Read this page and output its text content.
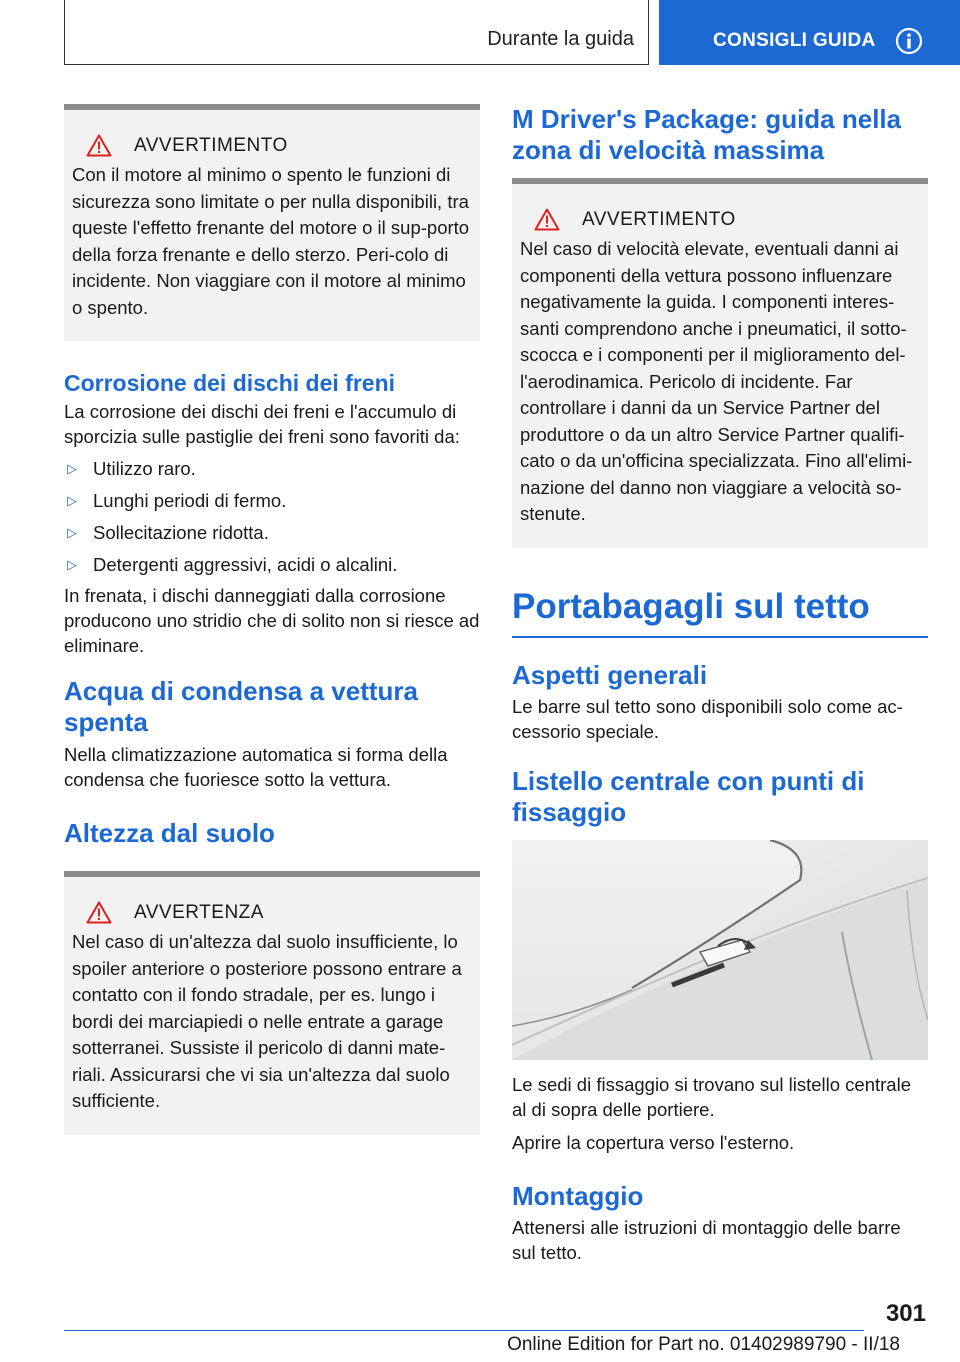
Durante la guida	CONSIGLI GUIDA
AVVERTIMENTO

Con il motore al minimo o spento le funzioni di sicurezza sono limitate o per nulla disponibili, tra queste l'effetto frenante del motore o il sup-porto della forza frenante e dello sterzo. Peri-colo di incidente. Non viaggiare con il motore al minimo o spento.

Corrosione dei dischi dei freni

La corrosione dei dischi dei freni e l'accumulo di sporcizia sulle pastiglie dei freni sono favoriti da:

▷ Utilizzo raro.
▷ Lunghi periodi di fermo.
▷ Sollecitazione ridotta.
▷ Detergenti aggressivi, acidi o alcalini.

In frenata, i dischi danneggiati dalla corrosione producono uno stridio che di solito non si riesce ad eliminare.

Acqua di condensa a vettura spenta

Nella climatizzazione automatica si forma della condensa che fuoriesce sotto la vettura.

Altezza dal suolo
AVVERTENZA

Nel caso di un'altezza dal suolo insufficiente, lo spoiler anteriore o posteriore possono entrare a contatto con il fondo stradale, per es. lungo i bordi dei marciapiedi o nelle entrate a garage sotterranei. Sussiste il pericolo di danni mate-riali. Assicurarsi che vi sia un'altezza dal suolo sufficiente.

M Driver's Package: guida nella zona di velocità massima
AVVERTIMENTO

Nel caso di velocità elevate, eventuali danni ai componenti della vettura possono influenzare negativamente la guida. I componenti interes-santi comprendono anche i pneumatici, il sotto-scocca e i componenti per il miglioramento del-l'aerodinamica. Pericolo di incidente. Far controllare i danni da un Service Partner del produttore o da un altro Service Partner qualifi-cato o da un'officina specializzata. Fino all'elimi-nazione del danno non viaggiare a velocità so-stenute.

Portabagagli sul tetto
Aspetti generali

Le barre sul tetto sono disponibili solo come ac-cessorio speciale.

Listello centrale con punti di fissaggio

Le sedi di fissaggio si trovano sul listello centrale al di sopra delle portiere.

Aprire la copertura verso l'esterno.

Montaggio

Attenersi alle istruzioni di montaggio delle barre sul tetto.

301
Online Edition for Part no. 01402989790 - II/18
